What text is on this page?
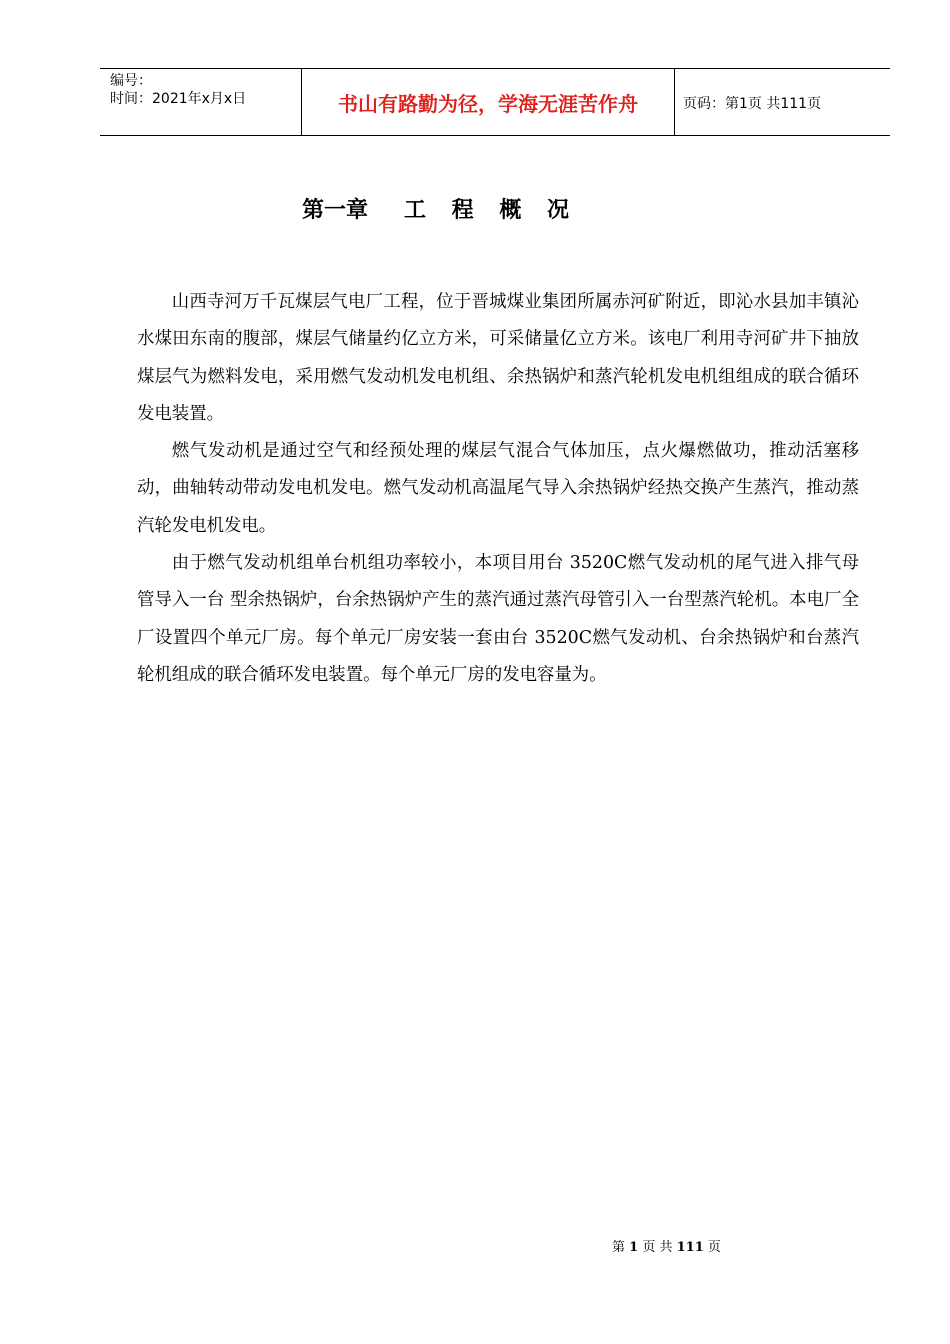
编号：
时间：2021年x月x日	书山有路勤为径，学海无涯苦作舟	页码：第1页 共111页
第一章 工 程 概 况

山西寺河万千瓦煤层气电厂工程，位于晋城煤业集团所属赤河矿附近，即沁水县加丰镇沁水煤田东南的腹部，煤层气储量约亿立方米，可采储量亿立方米。该电厂利用寺河矿井下抽放煤层气为燃料发电，采用燃气发动机发电机组、余热锅炉和蒸汽轮机发电机组组成的联合循环发电装置。

燃气发动机是通过空气和经预处理的煤层气混合气体加压，点火爆燃做功，推动活塞移动，曲轴转动带动发电机发电。燃气发动机高温尾气导入余热锅炉经热交换产生蒸汽，推动蒸汽轮发电机发电。

由于燃气发动机组单台机组功率较小，本项目用台 3520C燃气发动机的尾气进入排气母管导入一台 型余热锅炉，台余热锅炉产生的蒸汽通过蒸汽母管引入一台型蒸汽轮机。本电厂全厂设置四个单元厂房。每个单元厂房安装一套由台 3520C燃气发动机、台余热锅炉和台蒸汽轮机组成的联合循环发电装置。每个单元厂房的发电容量为。

第 1 页 共 111 页
